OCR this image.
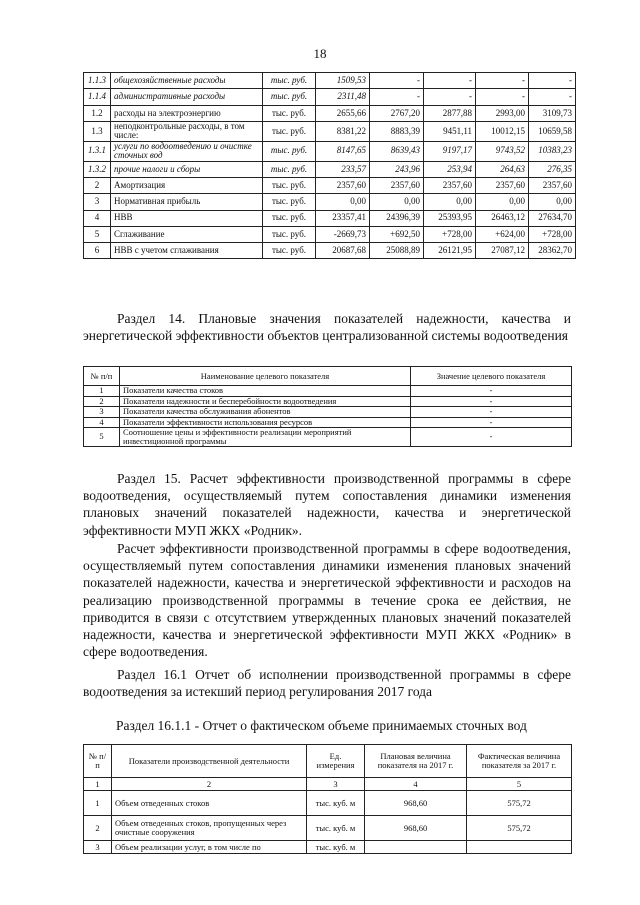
18
1.1.3	общехозяйственные расходы	тыс. руб.	1509,53	-	-	-	-
1.1.4	административные расходы	тыс. руб.	2311,48	-	-	-	-
1.2	расходы на электроэнергию	тыс. руб.	2655,66	2767,20	2877,88	2993,00	3109,73
1.3	неподконтрольные расходы, в том числе:	тыс. руб.	8381,22	8883,39	9451,11	10012,15	10659,58
1.3.1	услуги по водоотведению и очистке сточных вод	тыс. руб.	8147,65	8639,43	9197,17	9743,52	10383,23
1.3.2	прочие налоги и сборы	тыс. руб.	233,57	243,96	253,94	264,63	276,35
2	Амортизация	тыс. руб.	2357,60	2357,60	2357,60	2357,60	2357,60
3	Нормативная прибыль	тыс. руб.	0,00	0,00	0,00	0,00	0,00
4	НВВ	тыс. руб.	23357,41	24396,39	25393,95	26463,12	27634,70
5	Сглаживание	тыс. руб.	-2669,73	+692,50	+728,00	+624,00	+728,00
6	НВВ с учетом сглаживания	тыс. руб.	20687,68	25088,89	26121,95	27087,12	28362,70
Раздел 14. Плановые значения показателей надежности, качества и энергетической эффективности объектов централизованной системы водоотведения
№ п/п	Наименование целевого показателя	Значение целевого показателя
1	Показатели качества стоков	-
2	Показатели надежности и бесперебойности водоотведения	-
3	Показатели качества обслуживания абонентов	-
4	Показатели эффективности использования ресурсов	-
5	Соотношение цены и эффективности реализации мероприятий инвестиционной программы	-
Раздел 15. Расчет эффективности производственной программы в сфере водоотведения, осуществляемый путем сопоставления динамики изменения плановых значений показателей надежности, качества и энергетической эффективности МУП ЖКХ «Родник».
Расчет эффективности производственной программы в сфере водоотведения, осуществляемый путем сопоставления динамики изменения плановых значений показателей надежности, качества и энергетической эффективности и расходов на реализацию производственной программы в течение срока ее действия, не приводится в связи с отсутствием утвержденных плановых значений показателей надежности, качества и энергетической эффективности МУП ЖКХ «Родник» в сфере водоотведения.
Раздел 16.1 Отчет об исполнении производственной программы в сфере водоотведения за истекший период регулирования 2017 года
Раздел 16.1.1 - Отчет о фактическом объеме принимаемых сточных вод
№ п/п	Показатели производственной деятельности	Ед. измерения	Плановая величина показателя на 2017 г.	Фактическая величина показателя за 2017 г.
1	2	3	4	5
1	Объем отведенных стоков	тыс. куб. м	968,60	575,72
2	Объем отведенных стоков, пропущенных через очистные сооружения	тыс. куб. м	968,60	575,72
3	Объем реализации услуг, в том числе по	тыс. куб. м		
